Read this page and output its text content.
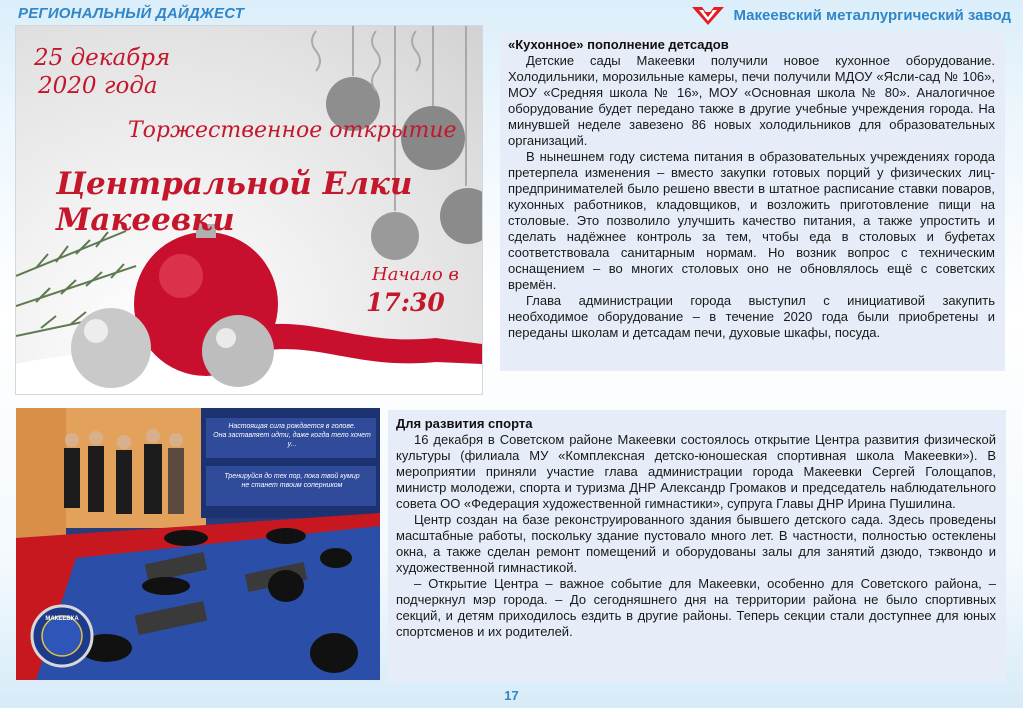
РЕГИОНАЛЬНЫЙ ДАЙДЖЕСТ	Макеевский металлургический завод
25 декабря
2020 года
Торжественное открытие
Центральной Елки Макеевки
Начало в
17:30
«Кухонное» пополнение детсадов

Детские сады Макеевки получили новое кухонное оборудование. Холодильники, морозильные камеры, печи получили МДОУ «Ясли-сад № 106», МОУ «Средняя школа № 16», МОУ «Основная школа № 80». Аналогичное оборудование будет передано также в другие учебные учреждения города. На минувшей неделе завезено 86 новых холодильников для образовательных организаций.

В нынешнем году система питания в образовательных учреждениях города претерпела изменения – вместо закупки готовых порций у физических лиц-предпринимателей было решено ввести в штатное расписание ставки поваров, кухонных работников, кладовщиков, и возложить приготовление пищи на столовые. Это позволило улучшить качество питания, а также упростить и сделать надёжнее контроль за тем, чтобы еда в столовых и буфетах соответствовала санитарным нормам. Но возник вопрос с техническим оснащением – во многих столовых оно не обновлялось ещё с советских времён.

Глава администрации города выступил с инициативой закупить необходимое оборудование – в течение 2020 года были приобретены и переданы школам и детсадам печи, духовые шкафы, посуда.

Настоящая сила рождается в голове.
Она заставляет идти, даже когда тело хочет у...
Тренируйся до тех пор, пока твой кумир
не станет твоим соперником
МАКЕЕВКА
Для развития спорта

16 декабря в Советском районе Макеевки состоялось открытие Центра развития физической культуры (филиала МУ «Комплексная детско-юношеская спортивная школа Макеевки»). В мероприятии приняли участие глава администрации города Макеевки Сергей Голощапов, министр молодежи, спорта и туризма ДНР Александр Громаков и председатель наблюдательного совета ОО «Федерация художественной гимнастики», супруга Главы ДНР Ирина Пушилина.

Центр создан на базе реконструированного здания бывшего детского сада. Здесь проведены масштабные работы, поскольку здание пустовало много лет. В частности, полностью остеклены окна, а также сделан ремонт помещений и оборудованы залы для занятий дзюдо, тэквондо и художественной гимнастикой.

– Открытие Центра – важное событие для Макеевки, особенно для Советского района, – подчеркнул мэр города. – До сегодняшнего дня на территории района не было спортивных секций, и детям приходилось ездить в другие районы. Теперь секции стали доступнее для юных спортсменов и их родителей.

17
